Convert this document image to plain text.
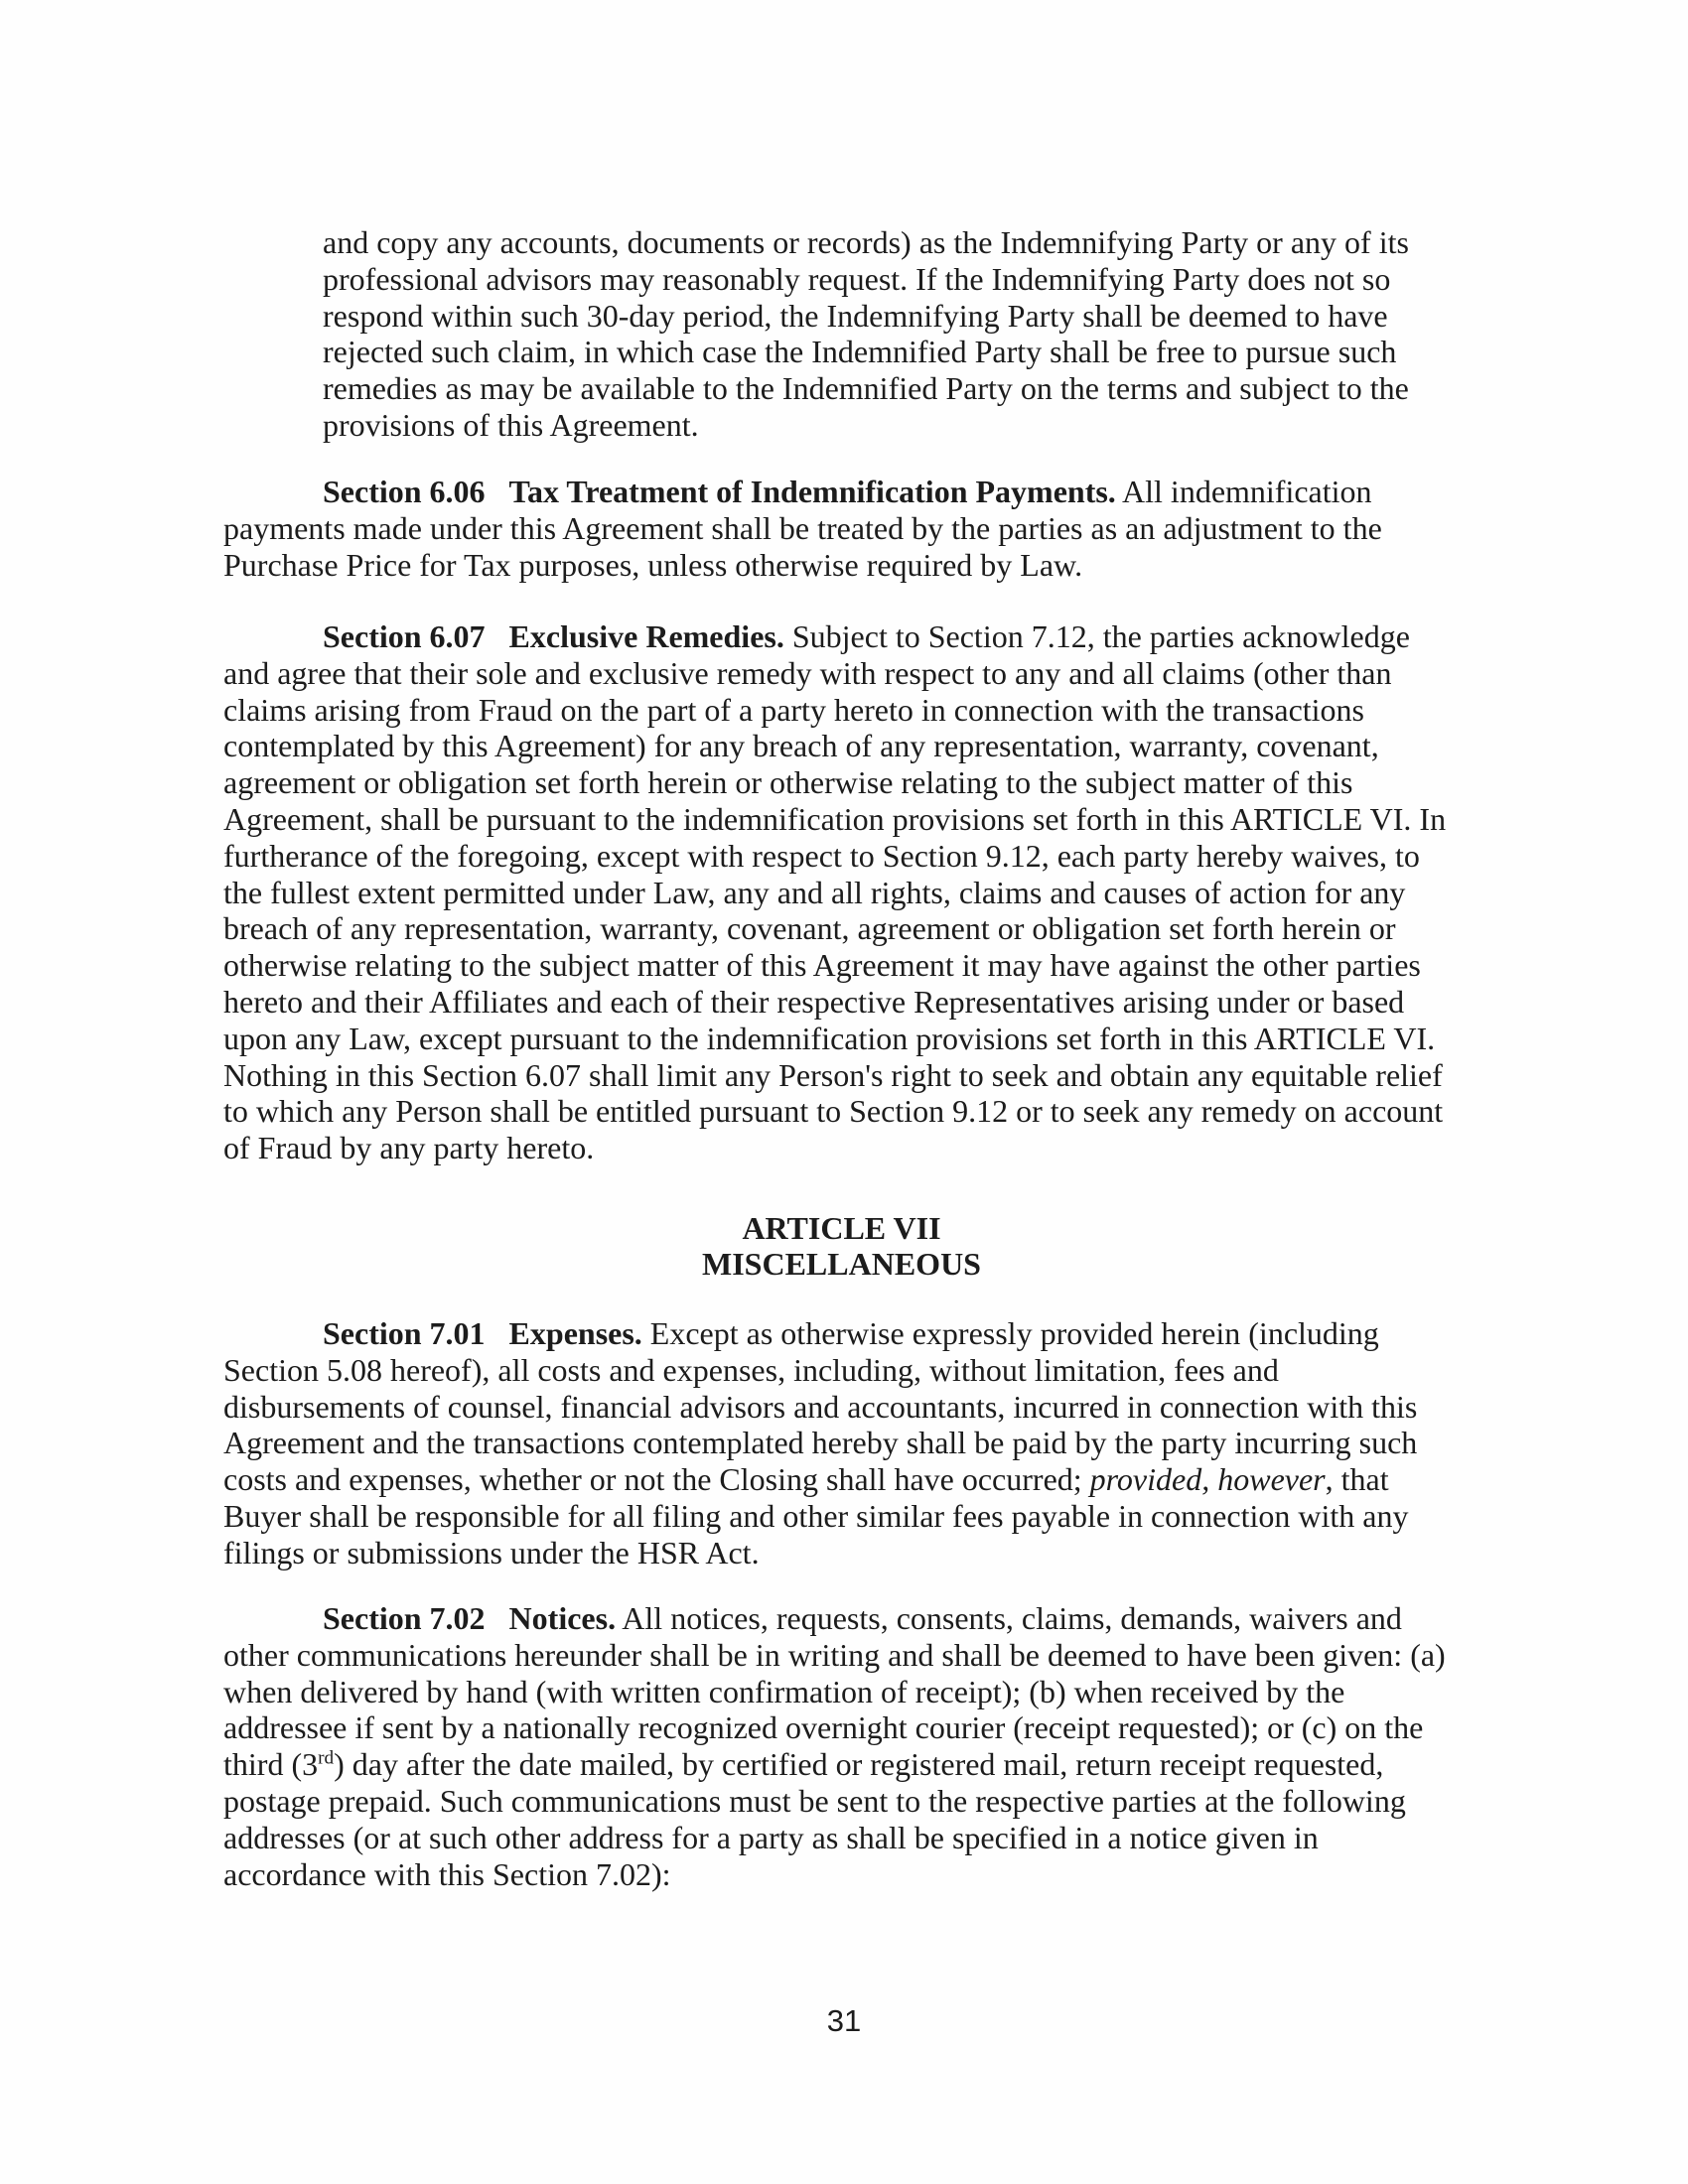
and copy any accounts, documents or records) as the Indemnifying Party or any of its professional advisors may reasonably request. If the Indemnifying Party does not so respond within such 30-day period, the Indemnifying Party shall be deemed to have rejected such claim, in which case the Indemnified Party shall be free to pursue such remedies as may be available to the Indemnified Party on the terms and subject to the provisions of this Agreement.

Section 6.06 Tax Treatment of Indemnification Payments. All indemnification payments made under this Agreement shall be treated by the parties as an adjustment to the Purchase Price for Tax purposes, unless otherwise required by Law.

Section 6.07 Exclusive Remedies. Subject to Section 7.12, the parties acknowledge and agree that their sole and exclusive remedy with respect to any and all claims (other than claims arising from Fraud on the part of a party hereto in connection with the transactions contemplated by this Agreement) for any breach of any representation, warranty, covenant, agreement or obligation set forth herein or otherwise relating to the subject matter of this Agreement, shall be pursuant to the indemnification provisions set forth in this ARTICLE VI. In furtherance of the foregoing, except with respect to Section 9.12, each party hereby waives, to the fullest extent permitted under Law, any and all rights, claims and causes of action for any breach of any representation, warranty, covenant, agreement or obligation set forth herein or otherwise relating to the subject matter of this Agreement it may have against the other parties hereto and their Affiliates and each of their respective Representatives arising under or based upon any Law, except pursuant to the indemnification provisions set forth in this ARTICLE VI. Nothing in this Section 6.07 shall limit any Person's right to seek and obtain any equitable relief to which any Person shall be entitled pursuant to Section 9.12 or to seek any remedy on account of Fraud by any party hereto.

ARTICLE VII

MISCELLANEOUS

Section 7.01 Expenses. Except as otherwise expressly provided herein (including Section 5.08 hereof), all costs and expenses, including, without limitation, fees and disbursements of counsel, financial advisors and accountants, incurred in connection with this Agreement and the transactions contemplated hereby shall be paid by the party incurring such costs and expenses, whether or not the Closing shall have occurred; provided, however, that Buyer shall be responsible for all filing and other similar fees payable in connection with any filings or submissions under the HSR Act.

Section 7.02 Notices. All notices, requests, consents, claims, demands, waivers and other communications hereunder shall be in writing and shall be deemed to have been given: (a) when delivered by hand (with written confirmation of receipt); (b) when received by the addressee if sent by a nationally recognized overnight courier (receipt requested); or (c) on the third (3rd) day after the date mailed, by certified or registered mail, return receipt requested, postage prepaid. Such communications must be sent to the respective parties at the following addresses (or at such other address for a party as shall be specified in a notice given in accordance with this Section 7.02):

31
